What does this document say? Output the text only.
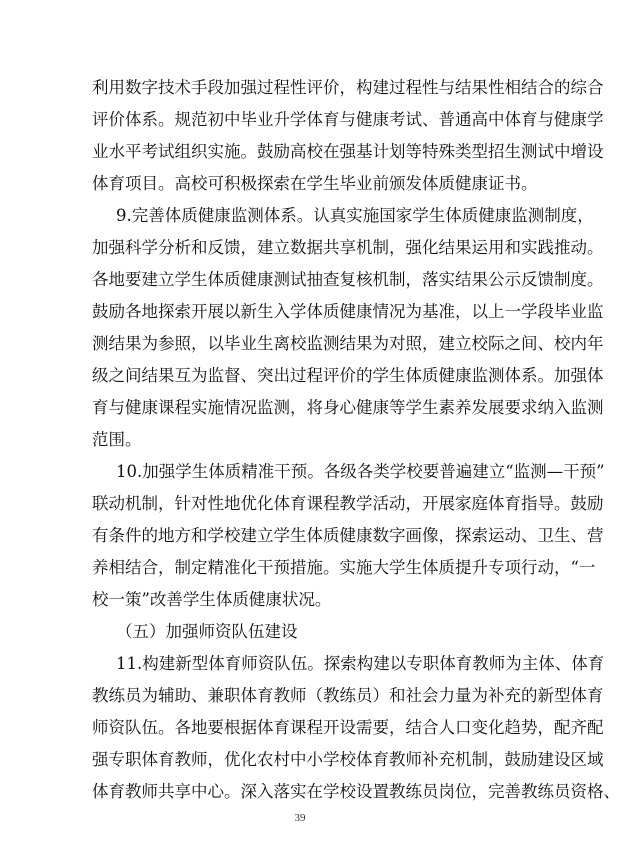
利用数字技术手段加强过程性评价，构建过程性与结果性相结合的综合
评价体系。规范初中毕业升学体育与健康考试、普通高中体育与健康学
业水平考试组织实施。鼓励高校在强基计划等特殊类型招生测试中增设
体育项目。高校可积极探索在学生毕业前颁发体质健康证书。
9.完善体质健康监测体系。认真实施国家学生体质健康监测制度，
加强科学分析和反馈，建立数据共享机制，强化结果运用和实践推动。
各地要建立学生体质健康测试抽查复核机制，落实结果公示反馈制度。
鼓励各地探索开展以新生入学体质健康情况为基准，以上一学段毕业监
测结果为参照，以毕业生离校监测结果为对照，建立校际之间、校内年
级之间结果互为监督、突出过程评价的学生体质健康监测体系。加强体
育与健康课程实施情况监测，将身心健康等学生素养发展要求纳入监测
范围。
10.加强学生体质精准干预。各级各类学校要普遍建立“监测—干预”
联动机制，针对性地优化体育课程教学活动，开展家庭体育指导。鼓励
有条件的地方和学校建立学生体质健康数字画像，探索运动、卫生、营
养相结合，制定精准化干预措施。实施大学生体质提升专项行动，“一
校一策”改善学生体质健康状况。
（五）加强师资队伍建设
11.构建新型体育师资队伍。探索构建以专职体育教师为主体、体育
教练员为辅助、兼职体育教师（教练员）和社会力量为补充的新型体育
师资队伍。各地要根据体育课程开设需要，结合人口变化趋势，配齐配
强专职体育教师，优化农村中小学校体育教师补充机制，鼓励建设区域
体育教师共享中心。深入落实在学校设置教练员岗位，完善教练员资格、
39
